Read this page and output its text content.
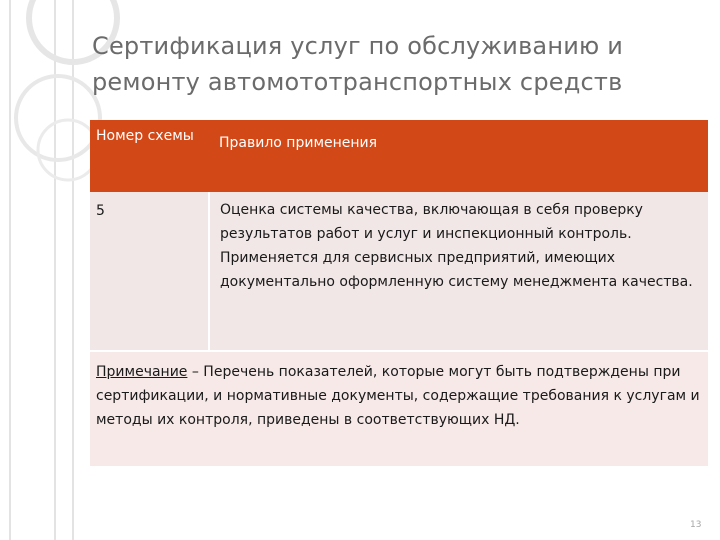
Сертификация услуг по обслуживанию и
ремонту автомототранспортных средств
Номер схемы	Правило применения
5	Оценка системы качества, включающая в себя проверку результатов работ и услуг и инспекционный контроль. Применяется для сервисных предприятий, имеющих документально оформленную систему менеджмента качества.

Примечание – Перечень показателей, которые могут быть подтверждены при сертификации, и нормативные документы, содержащие требования к услугам и методы их контроля, приведены в соответствующих НД.	
13
